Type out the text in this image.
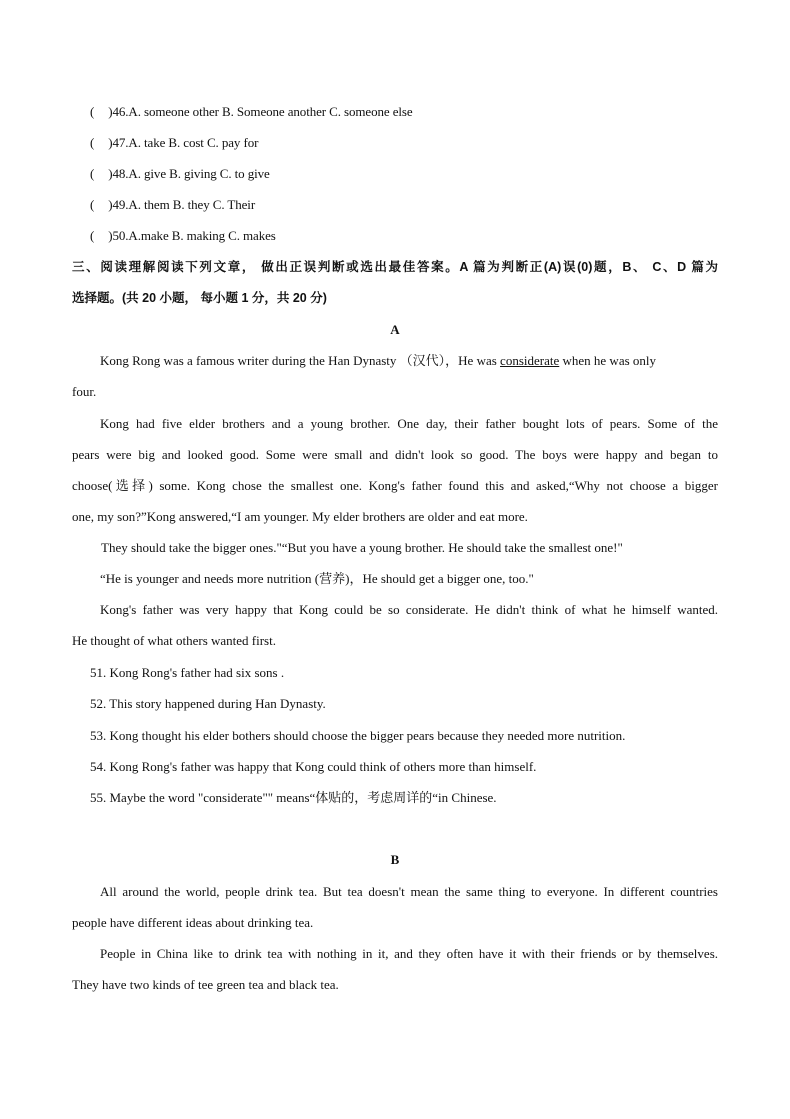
( )46.A. someone other B. Someone another C. someone else
( )47.A. take B. cost C. pay for
( )48.A. give B. giving C. to give
( )49.A. them B. they C. Their
( )50.A.make B. making C. makes
三、阅读理解阅读下列文章， 做出正误判断或选出最佳答案。A 篇为判断正(A)误(0)题，B、 C、D 篇为
选择题。(共 20 小题， 每小题 1 分，共 20 分)
A
Kong Rong was a famous writer during the Han Dynasty （汉代），He was considerate when he was only
four.
Kong had five elder brothers and a young brother. One day, their father bought lots of pears. Some of the
pears were big and looked good. Some were small and didn't look so good. The boys were happy and began to
choose(选择) some. Kong chose the smallest one. Kong's father found this and asked,“Why not choose a bigger
one, my son?”Kong answered,“I am younger. My elder brothers are older and eat more.
They should take the bigger ones."“But you have a young brother. He should take the smallest one!"
“He is younger and needs more nutrition (营养)，He should get a bigger one, too."
Kong's father was very happy that Kong could be so considerate. He didn't think of what he himself wanted.
He thought of what others wanted first.
51. Kong Rong's father had six sons .
52. This story happened during Han Dynasty.
53. Kong thought his elder bothers should choose the bigger pears because they needed more nutrition.
54. Kong Rong's father was happy that Kong could think of others more than himself.
55. Maybe the word "considerate"" means“体贴的，考虑周详的“in Chinese.
B
All around the world, people drink tea. But tea doesn't mean the same thing to everyone. In different countries
people have different ideas about drinking tea.
People in China like to drink tea with nothing in it, and they often have it with their friends or by themselves.
They have two kinds of tee green tea and black tea.
